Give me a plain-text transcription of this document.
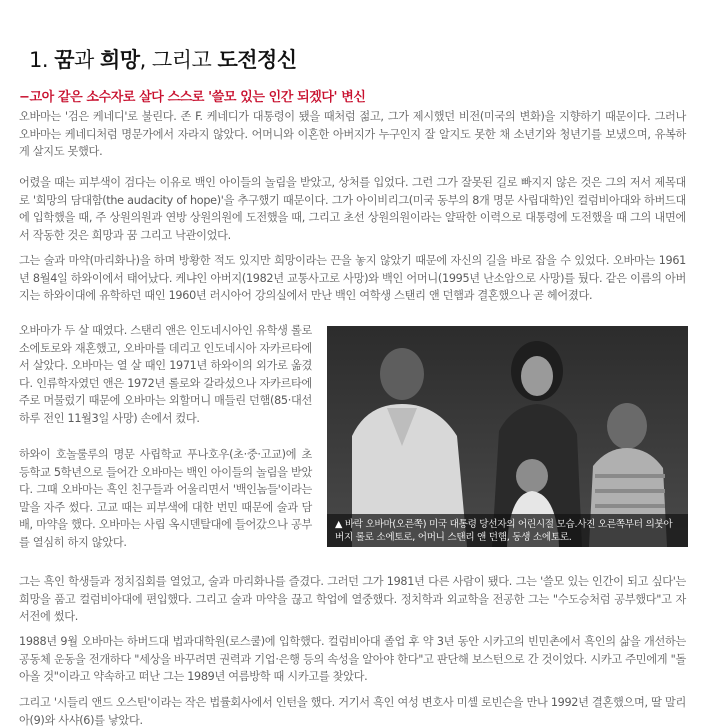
1. 꿈과 희망, 그리고 도전정신
−고아 같은 소수자로 살다 스스로 '쓸모 있는 인간 되겠다' 변신

오바마는 '검은 케네디'로 불린다. 존 F. 케네디가 대통령이 됐을 때처럼 젊고, 그가 제시했던 비전(미국의 변화)을 지향하기 때문이다. 그러나 오바마는 케네디처럼 명문가에서 자라지 않았다. 어머니와 이혼한 아버지가 누구인지 잘 알지도 못한 채 소년기와 청년기를 보냈으며, 유복하게 살지도 못했다.

어렸을 때는 피부색이 검다는 이유로 백인 아이들의 놀림을 받았고, 상처를 입었다. 그런 그가 잘못된 길로 빠지지 않은 것은 그의 저서 제목대로 '희망의 담대함(the audacity of hope)'을 추구했기 때문이다. 그가 아이비리그(미국 동부의 8개 명문 사립대학)인 컬럼비아대와 하버드대에 입학했을 때, 주 상원의원과 연방 상원의원에 도전했을 때, 그리고 초선 상원의원이라는 얄팍한 이력으로 대통령에 도전했을 때 그의 내면에서 작동한 것은 희망과 꿈 그리고 낙관이었다.

그는 술과 마약(마리화나)을 하며 방황한 적도 있지만 희망이라는 끈을 놓지 않았기 때문에 자신의 길을 바로 잡을 수 있었다. 오바마는 1961년 8월4일 하와이에서 태어났다. 케냐인 아버지(1982년 교통사고로 사망)와 백인 어머니(1995년 난소암으로 사망)를 뒀다. 같은 이름의 아버지는 하와이대에 유학하던 때인 1960년 러시아어 강의실에서 만난 백인 여학생 스탠리 앤 던햄과 결혼했으나 곧 헤어졌다.

오바마가 두 살 때였다. 스탠리 앤은 인도네시아인 유학생 롤로 소에토로와 재혼했고, 오바마를 데리고 인도네시아 자카르타에서 살았다. 오바마는 열 살 때인 1971년 하와이의 외가로 옮겼다. 인류학자였던 앤은 1972년 롤로와 갈라섰으나 자카르타에 주로 머물렀기 때문에 오바마는 외할머니 매들린 던햄(85·대선 하루 전인 11월3일 사망) 손에서 컸다.

하와이 호놀룰루의 명문 사립학교 푸나호우(초·중·고교)에 초등학교 5학년으로 들어간 오바마는 백인 아이들의 놀림을 받았다. 그때 오바마는 흑인 친구들과 어울리면서 '백인놈들'이라는 말을 자주 썼다. 고교 때는 피부색에 대한 번민 때문에 술과 담배, 마약을 했다. 오바마는 사립 옥시덴탈대에 들어갔으나 공부를 열심히 하지 않았다.

▲ 바락 오바마(오른쪽) 미국 대통령 당선자의 어린시절 모습.사진 오른쪽부터 의붓아버지 롤로 소에토로, 어머니 스탠리 앤 던햄, 동생 소에토로.

그는 흑인 학생들과 정치집회를 열었고, 술과 마리화나를 즐겼다. 그러던 그가 1981년 다른 사람이 됐다. 그는 '쓸모 있는 인간이 되고 싶다'는 희망을 품고 컬럼비아대에 편입했다. 그리고 술과 마약을 끊고 학업에 열중했다. 정치학과 외교학을 전공한 그는 "수도승처럼 공부했다"고 자서전에 썼다.

1988년 9월 오바마는 하버드대 법과대학원(로스쿨)에 입학했다. 컬럼비아대 졸업 후 약 3년 동안 시카고의 빈민촌에서 흑인의 삶을 개선하는 공동체 운동을 전개하다 "세상을 바꾸려면 권력과 기업·은행 등의 속성을 알아야 한다"고 판단해 보스턴으로 간 것이었다. 시카고 주민에게 "돌아올 것"이라고 약속하고 떠난 그는 1989년 여름방학 때 시카고를 찾았다.

그리고 '시들리 앤드 오스틴'이라는 작은 법률회사에서 인턴을 했다. 거기서 흑인 여성 변호사 미셸 로빈슨을 만나 1992년 결혼했으며, 딸 말리아(9)와 사샤(6)를 낳았다.
